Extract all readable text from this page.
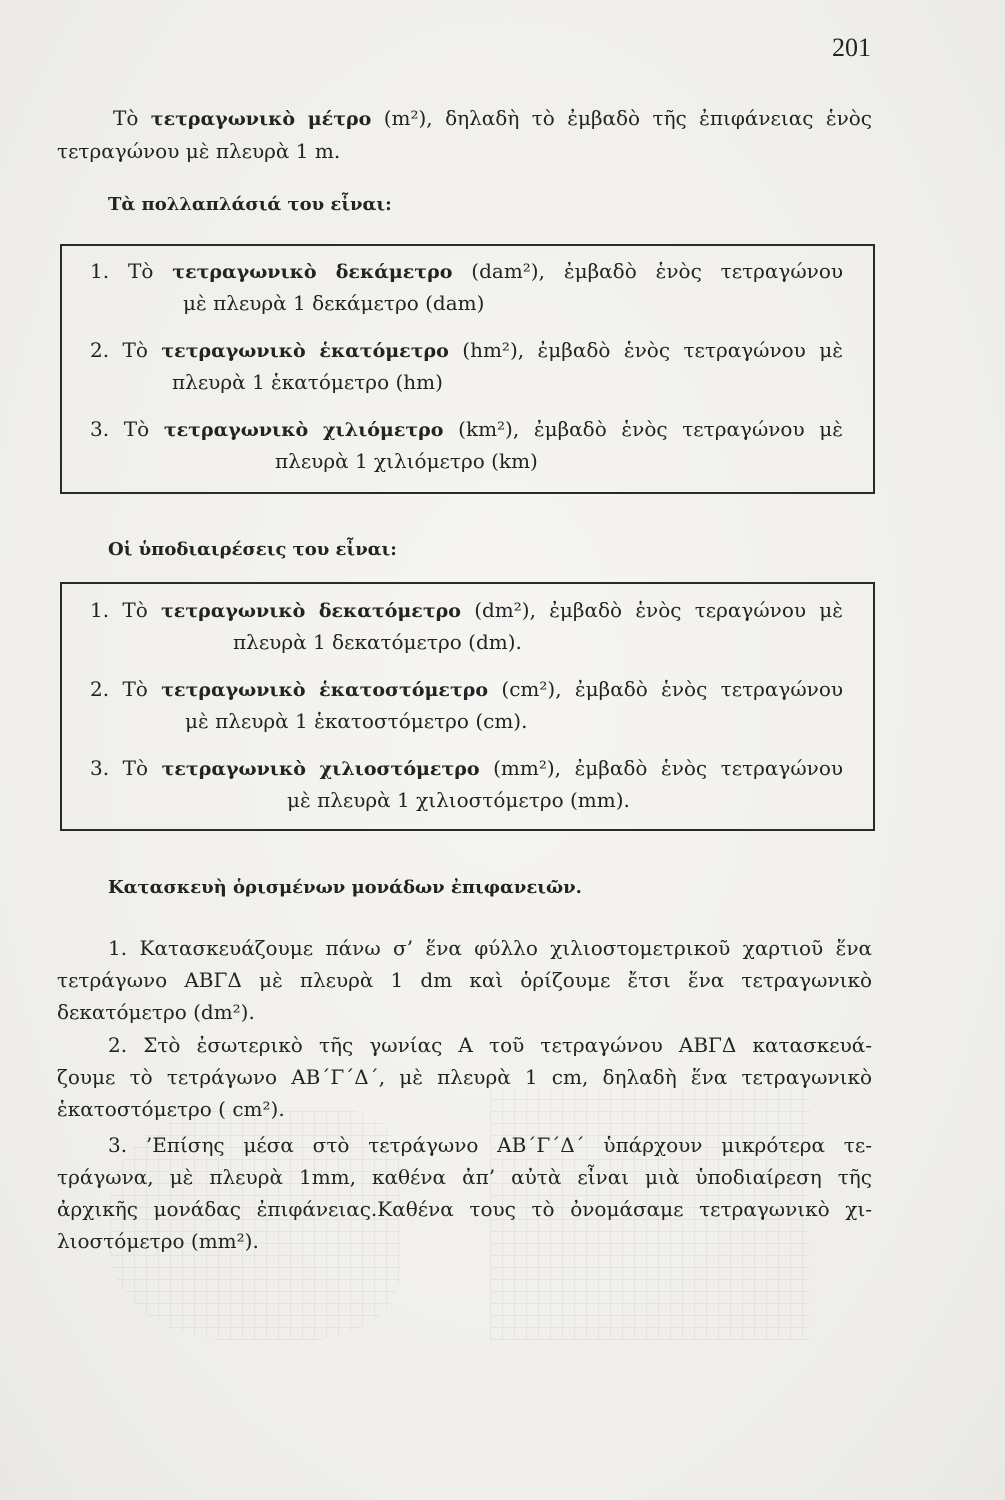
201
Τὸ τετραγωνικὸ μέτρο (m²), δηλαδὴ τὸ ἐμβαδὸ τῆς ἐπιφάνειας ἑνὸς
τετραγώνου μὲ πλευρὰ 1 m.
Τὰ πολλαπλάσιά του εἶναι:
1. Τὸ τετραγωνικὸ δεκάμετρο (dam²), ἐμβαδὸ ἑνὸς τετραγώνου
μὲ πλευρὰ 1 δεκάμετρο (dam)
2. Τὸ τετραγωνικὸ ἑκατόμετρο (hm²), ἐμβαδὸ ἑνὸς τετραγώνου μὲ
πλευρὰ 1 ἑκατόμετρο (hm)
3. Τὸ τετραγωνικὸ χιλιόμετρο (km²), ἐμβαδὸ ἑνὸς τετραγώνου μὲ
πλευρὰ 1 χιλιόμετρο (km)
Οἱ ὑποδιαιρέσεις του εἶναι:
1. Τὸ τετραγωνικὸ δεκατόμετρο (dm²), ἐμβαδὸ ἑνὸς τεραγώνου μὲ
πλευρὰ 1 δεκατόμετρο (dm).
2. Τὸ τετραγωνικὸ ἑκατοστόμετρο (cm²), ἐμβαδὸ ἑνὸς τετραγώνου
μὲ πλευρὰ 1 ἑκατοστόμετρο (cm).
3. Τὸ τετραγωνικὸ χιλιοστόμετρο (mm²), ἐμβαδὸ ἑνὸς τετραγώνου
μὲ πλευρὰ 1 χιλιοστόμετρο (mm).
Κατασκευὴ ὁρισμένων μονάδων ἐπιφανειῶν.
1. Κατασκευάζουμε πάνω σ’ ἕνα φύλλο χιλιοστομετρικοῦ χαρτιοῦ ἕνα
τετράγωνο ΑΒΓΔ μὲ πλευρὰ 1 dm καὶ ὁρίζουμε ἔτσι ἕνα τετραγωνικὸ
δεκατόμετρο (dm²).
2. Στὸ ἐσωτερικὸ τῆς γωνίας Α τοῦ τετραγώνου ΑΒΓΔ κατασκευά-
ζουμε τὸ τετράγωνο ΑΒ΄Γ΄Δ΄, μὲ πλευρὰ 1 cm, δηλαδὴ ἕνα τετραγωνικὸ
ἑκατοστόμετρο ( cm²).
3. ’Επίσης μέσα στὸ τετράγωνο ΑΒ΄Γ΄Δ΄ ὑπάρχουν μικρότερα τε-
τράγωνα, μὲ πλευρὰ 1mm, καθένα ἀπ’ αὐτὰ εἶναι μιὰ ὑποδιαίρεση τῆς
ἀρχικῆς μονάδας ἐπιφάνειας.Καθένα τους τὸ ὀνομάσαμε τετραγωνικὸ χι-
λιοστόμετρο (mm²).
